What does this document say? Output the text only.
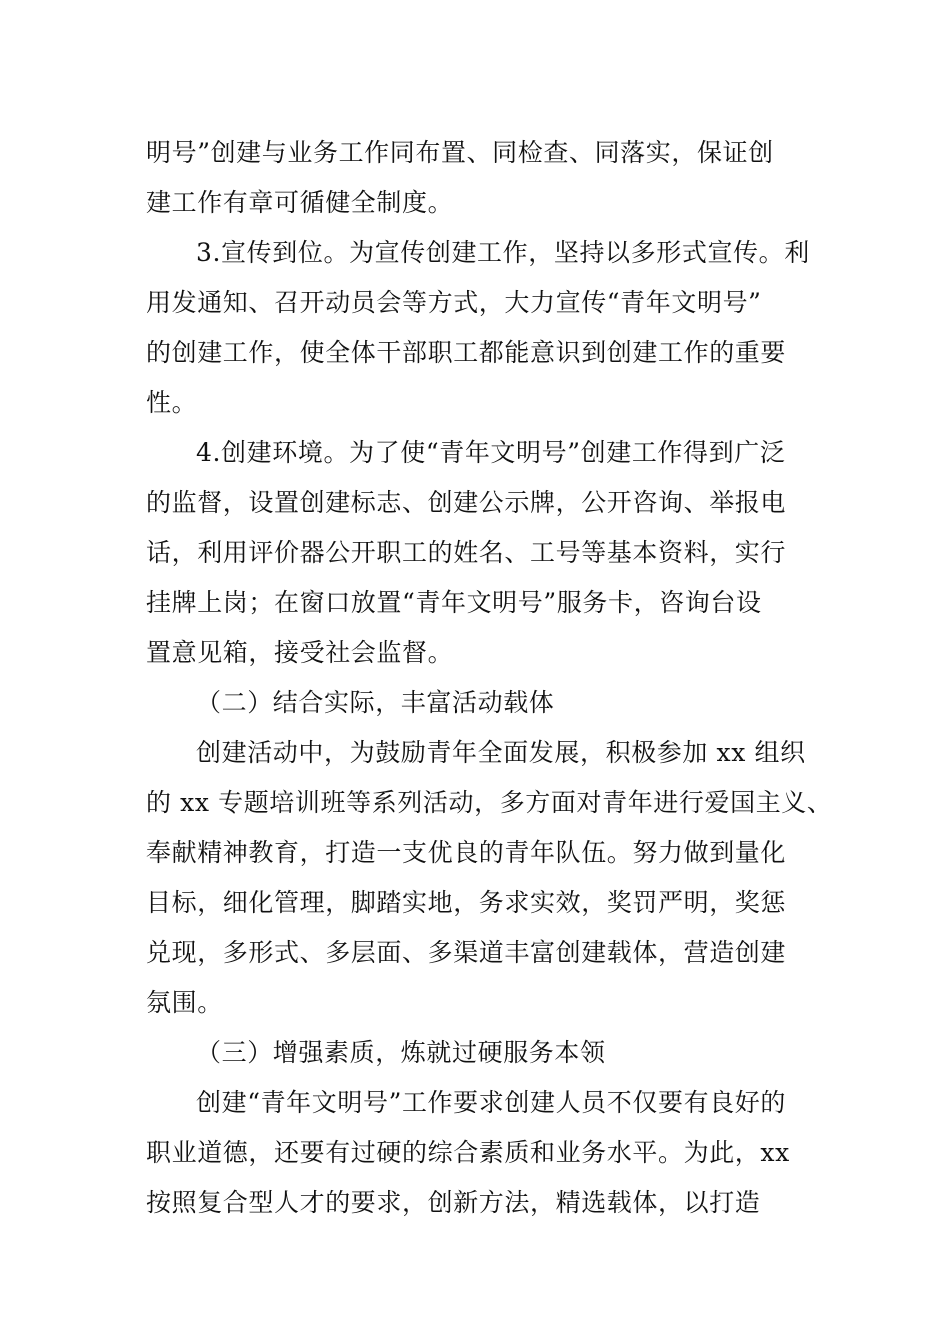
明号”创建与业务工作同布置、同检查、同落实，保证创
建工作有章可循健全制度。
3.宣传到位。为宣传创建工作，坚持以多形式宣传。利
用发通知、召开动员会等方式，大力宣传“青年文明号”
的创建工作，使全体干部职工都能意识到创建工作的重要
性。
4.创建环境。为了使“青年文明号”创建工作得到广泛
的监督，设置创建标志、创建公示牌，公开咨询、举报电
话，利用评价器公开职工的姓名、工号等基本资料，实行
挂牌上岗；在窗口放置“青年文明号”服务卡，咨询台设
置意见箱，接受社会监督。
（二）结合实际，丰富活动载体
创建活动中，为鼓励青年全面发展，积极参加 xx 组织
的 xx 专题培训班等系列活动，多方面对青年进行爱国主义、
奉献精神教育，打造一支优良的青年队伍。努力做到量化
目标，细化管理，脚踏实地，务求实效，奖罚严明，奖惩
兑现，多形式、多层面、多渠道丰富创建载体，营造创建
氛围。
（三）增强素质，炼就过硬服务本领
创建“青年文明号”工作要求创建人员不仅要有良好的
职业道德，还要有过硬的综合素质和业务水平。为此，xx
按照复合型人才的要求，创新方法，精选载体，以打造
